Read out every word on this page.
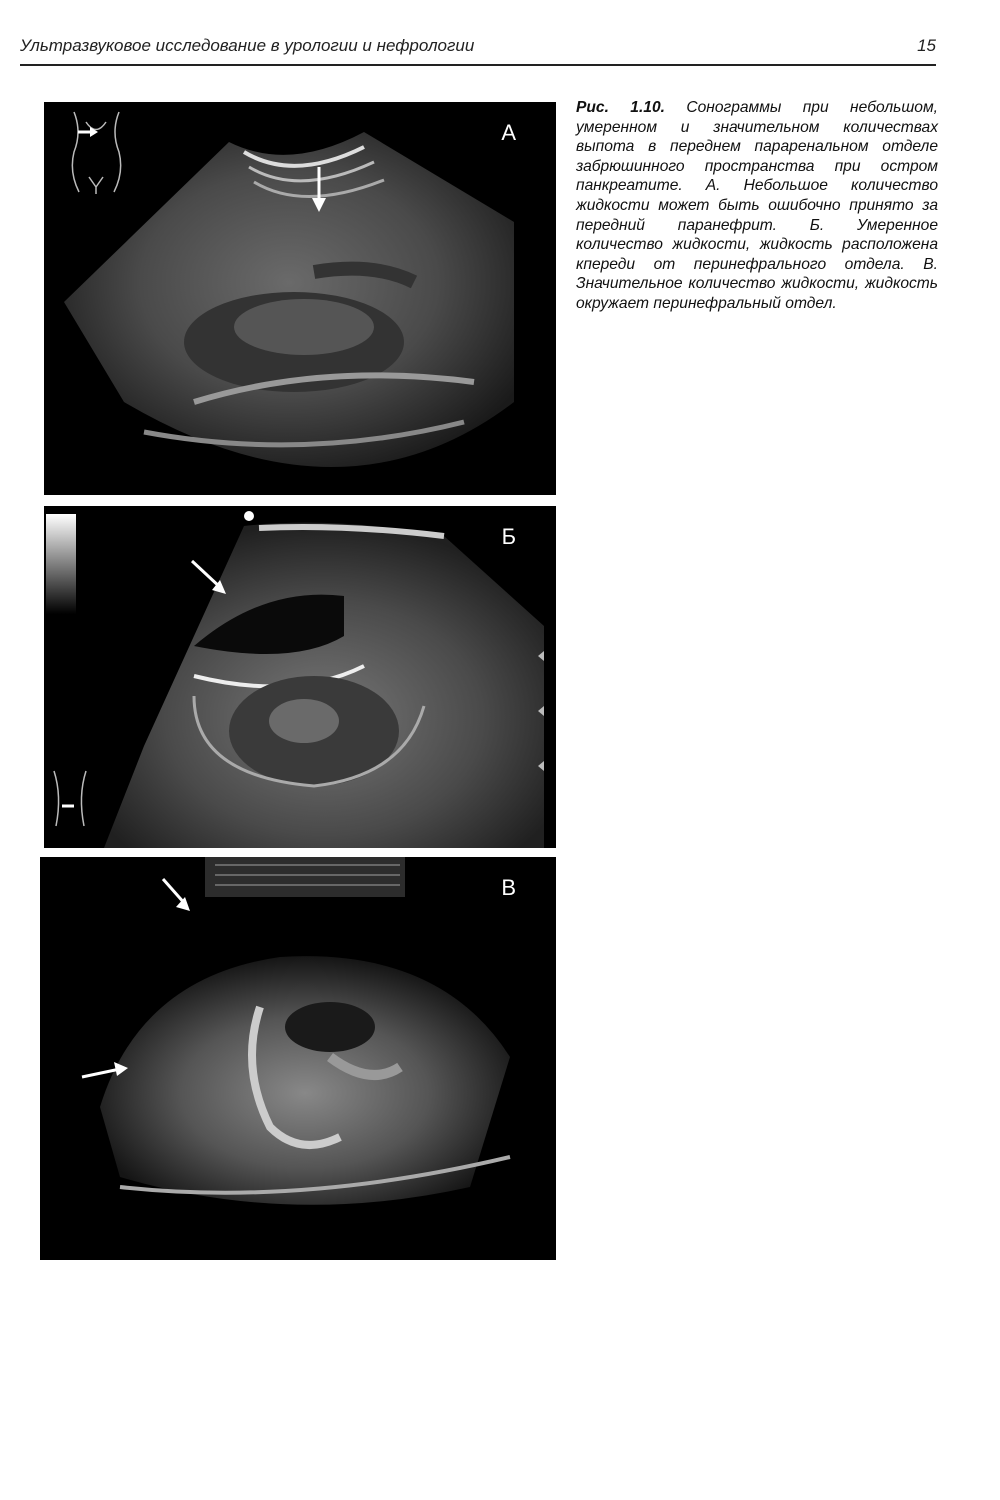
Ультразвуковое исследование в урологии и нефрологии	15
А
Б
В
Рис. 1.10. Сонограммы при небольшом, умеренном и значительном количествах выпота в переднем параренальном отделе забрюшинного пространства при остром панкреатите. А. Небольшое количество жидкости может быть ошибочно принято за передний паранефрит. Б. Умеренное количество жидкости, жидкость расположена кпереди от перинефрального отдела. В. Значительное количество жидкости, жидкость окружает перинефральный отдел.
